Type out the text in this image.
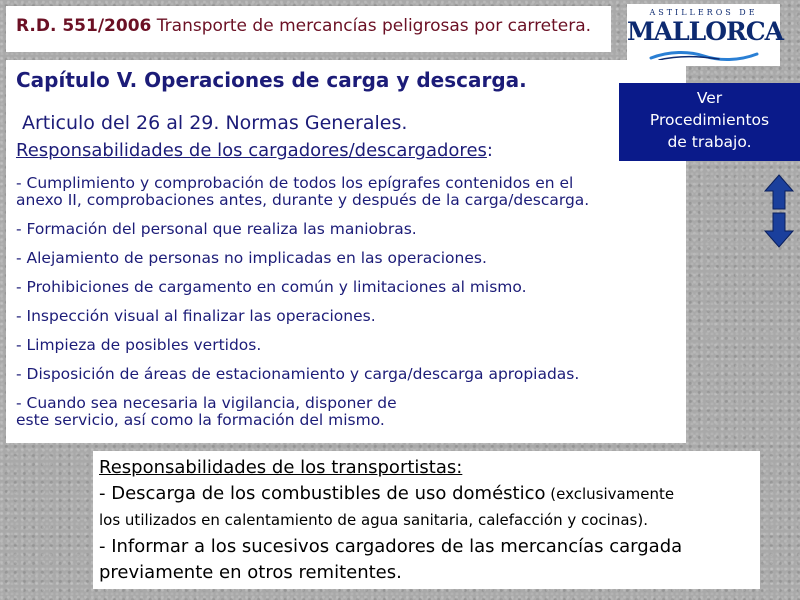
R.D. 551/2006 Transporte de mercancías peligrosas por carretera.
ASTILLEROS DE
MALLORCA
Capítulo V. Operaciones de carga y descarga.
Articulo del 26 al 29. Normas Generales.
Responsabilidades de los cargadores/descargadores:
- Cumplimiento y comprobación de todos los epígrafes contenidos en el
anexo II, comprobaciones antes, durante y después de la carga/descarga.
- Formación del personal que realiza las maniobras.
- Alejamiento de personas no implicadas en las operaciones.
- Prohibiciones de cargamento en común y limitaciones al mismo.
- Inspección visual al finalizar las operaciones.
- Limpieza de posibles vertidos.
- Disposición de áreas de estacionamiento y carga/descarga apropiadas.
- Cuando sea necesaria la vigilancia, disponer de
este servicio, así como la formación del mismo.
Ver
Procedimientos
de trabajo.
Responsabilidades de los transportistas:
- Descarga de los combustibles de uso doméstico (exclusivamente
los utilizados en calentamiento de agua sanitaria, calefacción y cocinas).
- Informar a los sucesivos cargadores de las mercancías cargada
previamente en otros remitentes.
